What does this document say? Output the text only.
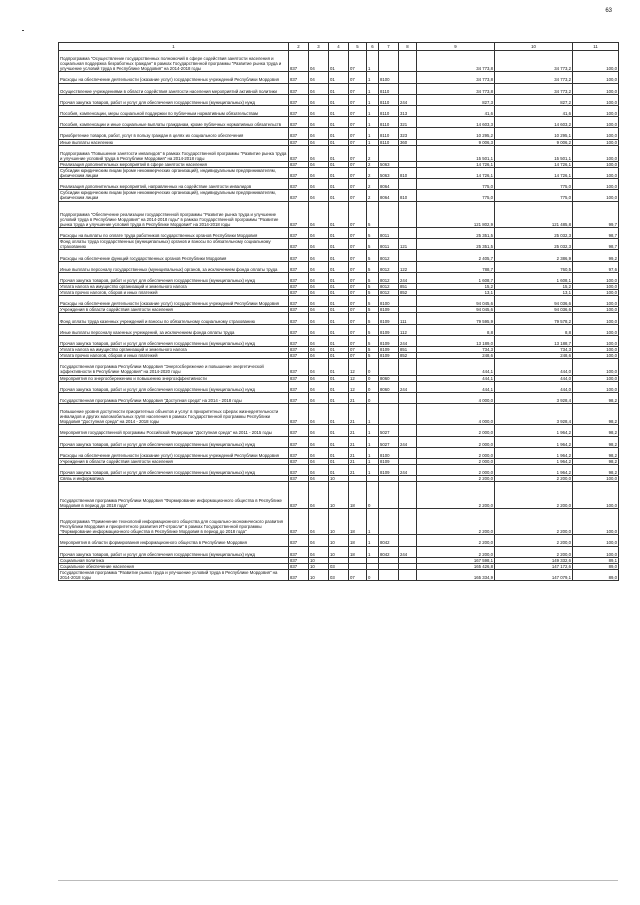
63
1	2	3	4	5	6	7	8	9	10	11
Подпрограмма "Осуществление государственных полномочий в сфере содействия занятости населения и социальная поддержка безработных граждан" в рамках Государственной программы "Развитие рынка труда и улучшение условий труда в Республике Мордовия" на 2014-2018 годы	837	04	01	07	1			34 773,8	34 773,2	100,0
Расходы на обеспечение деятельности (оказание услуг) государственных учреждений Республики Мордовия	837	04	01	07	1	8100		34 773,8	34 773,2	100,0
Осуществление учреждениями в области содействия занятости населения мероприятий активной политики	837	04	01	07	1	8110		34 773,8	34 773,2	100,0
Прочая закупка товаров, работ и услуг для обеспечения государственных (муниципальных) нужд	837	04	01	07	1	8110	244	827,3	827,2	100,0
Пособия, компенсации, меры социальной поддержки по публичным нормативным обязательствам	837	04	01	07	1	8110	313	41,6	41,6	100,0
Пособия, компенсации и иные социальные выплаты гражданам, кроме публичных нормативных обязательств	837	04	01	07	1	8110	321	14 603,3	14 603,2	100,0
Приобретение товаров, работ, услуг в пользу граждан в целях их социального обеспечения	837	04	01	07	1	8110	323	10 295,2	10 295,1	100,0
Иные выплаты населению	837	04	01	07	1	8110	360	9 006,3	9 006,2	100,0
Подпрограмма "Повышение занятости инвалидов" в рамках Государственной программы "Развитие рынка труда и улучшение условий труда в Республике Мордовия" на 2014-2018 годы	837	04	01	07	2			15 501,1	15 501,1	100,0
Реализация дополнительных мероприятий в сфере занятости населения	837	04	01	07	2	5063		14 726,1	14 726,1	100,0
Субсидии юридическим лицам (кроме некоммерческих организаций), индивидуальным предпринимателям, физическим лицам	837	04	01	07	2	5063	810	14 726,1	14 726,1	100,0
Реализация дополнительных мероприятий, направленных на содействие занятости инвалидов	837	04	01	07	2	8064		775,0	775,0	100,0
Субсидии юридическим лицам (кроме некоммерческих организаций), индивидуальным предпринимателям, физическим лицам	837	04	01	07	2	8064	810	775,0	775,0	100,0
Подпрограмма "Обеспечение реализации государственной программы "Развитие рынка труда и улучшение условий труда в Республике Мордовия" на 2014-2018 годы" в рамках Государственной программы "Развитие рынка труда и улучшение условий труда в Республике Мордовия" на 2014-2018 годы	837	04	01	07	5			121 802,9	121 485,8	99,7
Расходы на выплаты по оплате труда работников государственных органов Республики Мордовия	837	04	01	07	5	8011		25 351,5	25 032,3	98,7
Фонд оплаты труда государственных (муниципальных) органов и взносы по обязательному социальному страхованию	837	04	01	07	5	8011	121	25 351,5	25 032,3	98,7
Расходы на обеспечение функций государственных органов Республики Мордовия	837	04	01	07	5	8012		2 405,7	2 386,9	99,2
Иные выплаты персоналу государственных (муниципальных) органов, за исключением фонда оплаты труда	837	04	01	07	5	8012	122	788,7	760,5	97,6
Прочая закупка товаров, работ и услуг для обеспечения государственных (муниципальных) нужд	837	04	01	07	5	8012	244	1 608,7	1 608,1	100,0
Уплата налога на имущество организаций и земельного налога	837	04	01	07	5	8012	851	15,2	15,2	100,0
Уплата прочих налогов, сборов и иных платежей	837	04	01	07	5	8012	852	13,1	13,1	100,0
Расходы на обеспечение деятельности (оказание услуг) государственных учреждений Республики Мордовия	837	04	01	07	5	8100		94 045,6	94 036,6	100,0
Учреждения в области содействия занятости населения	837	04	01	07	5	8109		94 045,6	94 036,6	100,0
Фонд оплаты труда казенных учреждений и взносы по обязательному социальному страхованию	837	04	01	07	5	8109	111	79 595,9	79 578,2	100,0
Иные выплаты персоналу казенных учреждений, за исключением фонда оплаты труда	837	04	01	07	5	8109	112	8,8	8,8	100,0
Прочая закупка товаров, работ и услуг для обеспечения государственных (муниципальных) нужд	837	04	01	07	5	8109	244	13 189,0	13 188,7	100,0
Уплата налога на имущество организаций и земельного налога	837	04	01	07	5	8109	851	734,3	734,3	100,0
Уплата прочих налогов, сборов и иных платежей	837	04	01	07	5	8109	852	248,6	248,6	100,0
Государственная программа Республики Мордовия "Энергосбережение и повышение энергетической эффективности в Республике Мордовия" на 2014-2020 годы	837	04	01	12	0			444,1	444,0	100,0
Мероприятия по энергосбережению и повышению энергоэффективности	837	04	01	12	0	8060		444,1	444,0	100,0
Прочая закупка товаров, работ и услуг для обеспечения государственных (муниципальных) нужд	837	04	01	12	0	8060	244	444,1	444,0	100,0
Государственная программа Республики Мордовия "Доступная среда" на 2014 - 2018 годы	837	04	01	21	0			4 000,0	3 928,4	98,2
Повышение уровня доступности приоритетных объектов и услуг в приоритетных сферах жизнедеятельности инвалидов и других маломобильных групп населения в рамках Государственной программы Республики Мордовия "Доступная среда" на 2014 - 2018 годы	837	04	01	21	1			4 000,0	3 928,4	98,2
Мероприятия государственной программы Российской Федерации "Доступная среда" на 2011 - 2015 годы	837	04	01	21	1	5027		2 000,0	1 964,2	98,2
Прочая закупка товаров, работ и услуг для обеспечения государственных (муниципальных) нужд	837	04	01	21	1	5027	244	2 000,0	1 964,2	98,2
Расходы на обеспечение деятельности (оказание услуг) государственных учреждений Республики Мордовия	837	04	01	21	1	8100		2 000,0	1 964,2	98,2
Учреждения в области содействия занятости населения	837	04	01	21	1	8109		2 000,0	1 964,2	98,2
Прочая закупка товаров, работ и услуг для обеспечения государственных (муниципальных) нужд	837	04	01	21	1	8109	244	2 000,0	1 964,2	98,2
Связь и информатика	837	04	10					2 200,0	2 200,0	100,0
Государственная программа Республики Мордовия "Формирование информационного общества в Республике Мордовия в период до 2018 года"	837	04	10	18	0			2 200,0	2 200,0	100,0
Подпрограмма "Применение технологий информационного общества для социально-экономического развития Республики Мордовия и приоритетного развития ИТ-отрасли" в рамках Государственной программы "Формирование информационного общества в Республике Мордовия в период до 2018 года"	837	04	10	18	1			2 200,0	2 200,0	100,0
Мероприятия в области формирования информационного общества в Республике Мордовия	837	04	10	18	1	8042		2 200,0	2 200,0	100,0
Прочая закупка товаров, работ и услуг для обеспечения государственных (муниципальных) нужд	837	04	10	18	1	8042	244	2 200,0	2 200,0	100,0
Социальная политика	837	10						167 598,1	149 332,6	89,1
Социальное обеспечение населения	837	10	03					165 426,8	147 172,6	89,0
Государственная программа "Развитие рынка труда и улучшение условий труда в Республике Мордовия" на 2014-2018 годы	837	10	03	07	0			165 334,9	147 079,1	89,0
